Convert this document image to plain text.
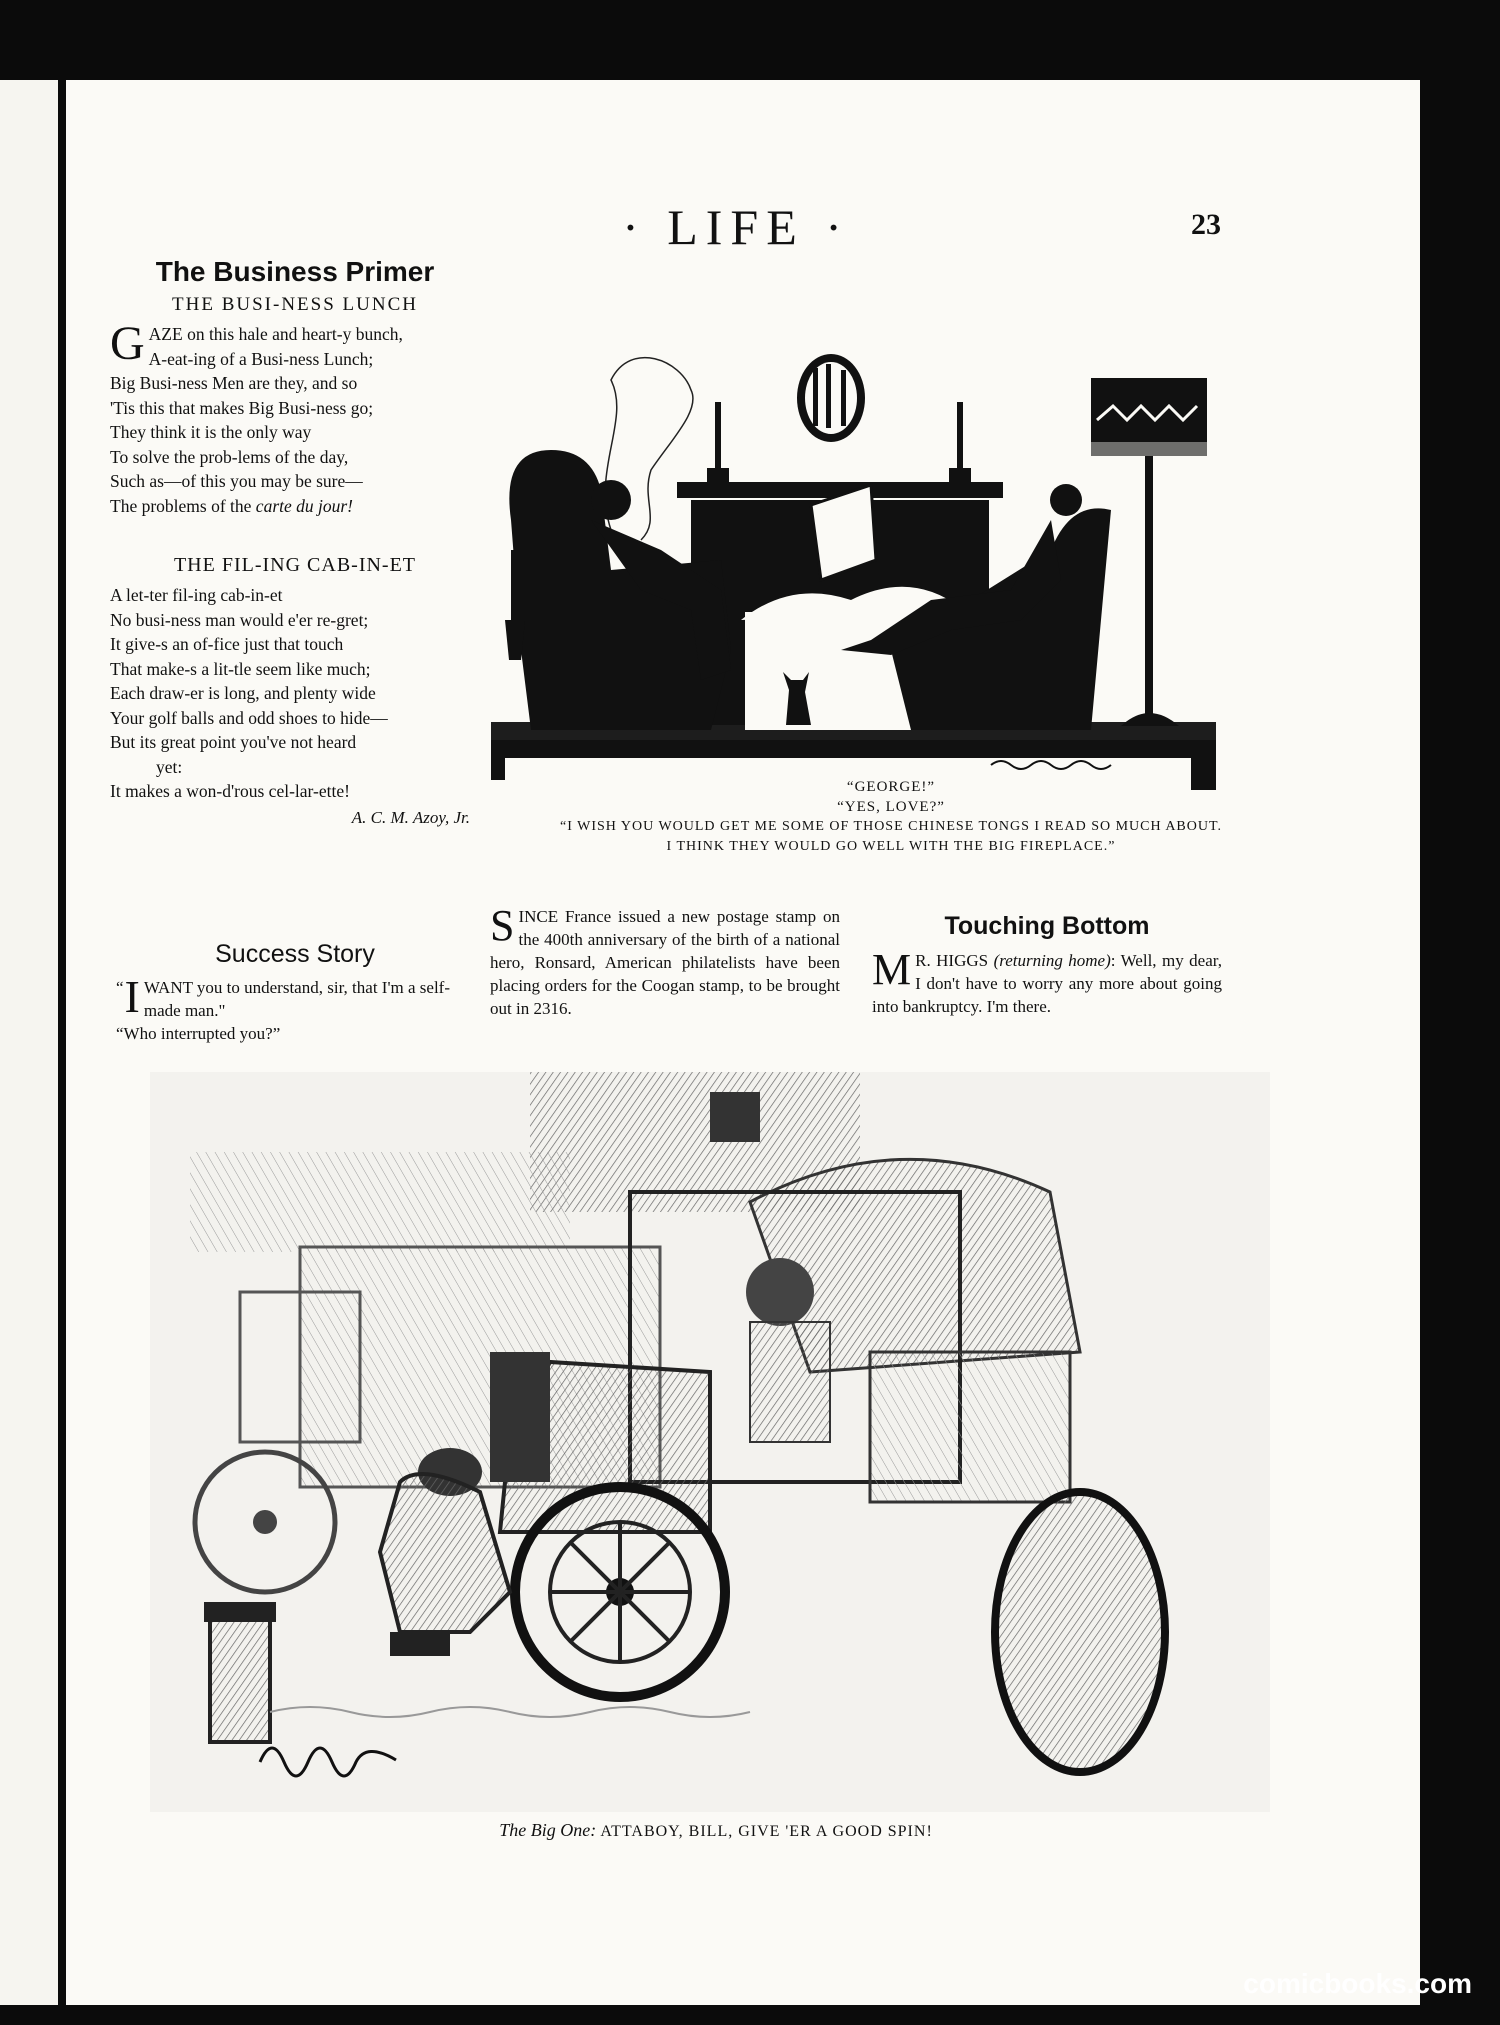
· LIFE ·	23
The Business Primer
THE BUSI-NESS LUNCH
G AZE on this hale and heart-y bunch,
A-eat-ing of a Busi-ness Lunch;
Big Busi-ness Men are they, and so
'Tis this that makes Big Busi-ness go;
They think it is the only way
To solve the prob-lems of the day,
Such as—of this you may be sure—
The problems of the carte du jour!
THE FIL-ING CAB-IN-ET
A let-ter fil-ing cab-in-et
No busi-ness man would e'er re-gret;
It give-s an of-fice just that touch
That make-s a lit-tle seem like much;
Each draw-er is long, and plenty wide
Your golf balls and odd shoes to hide—
But its great point you've not heard
yet:
It makes a won-d'rous cel-lar-ette!
A. C. M. Azoy, Jr.
Success Story
“ I WANT you to understand, sir, that I'm a self-made man."
“Who interrupted you?”
“GEORGE!”
“YES, LOVE?”
“I WISH YOU WOULD GET ME SOME OF THOSE CHINESE TONGS I READ SO MUCH ABOUT.
I THINK THEY WOULD GO WELL WITH THE BIG FIREPLACE.”
S INCE France issued a new postage stamp on the 400th anniversary of the birth of a national hero, Ronsard, American philatelists have been placing orders for the Coogan stamp, to be brought out in 2316.
Touching Bottom
M R. HIGGS (returning home): Well, my dear, I don't have to worry any more about going into bankruptcy. I'm there.
The Big One: ATTABOY, BILL, GIVE 'ER A GOOD SPIN!
comicbooks.com
